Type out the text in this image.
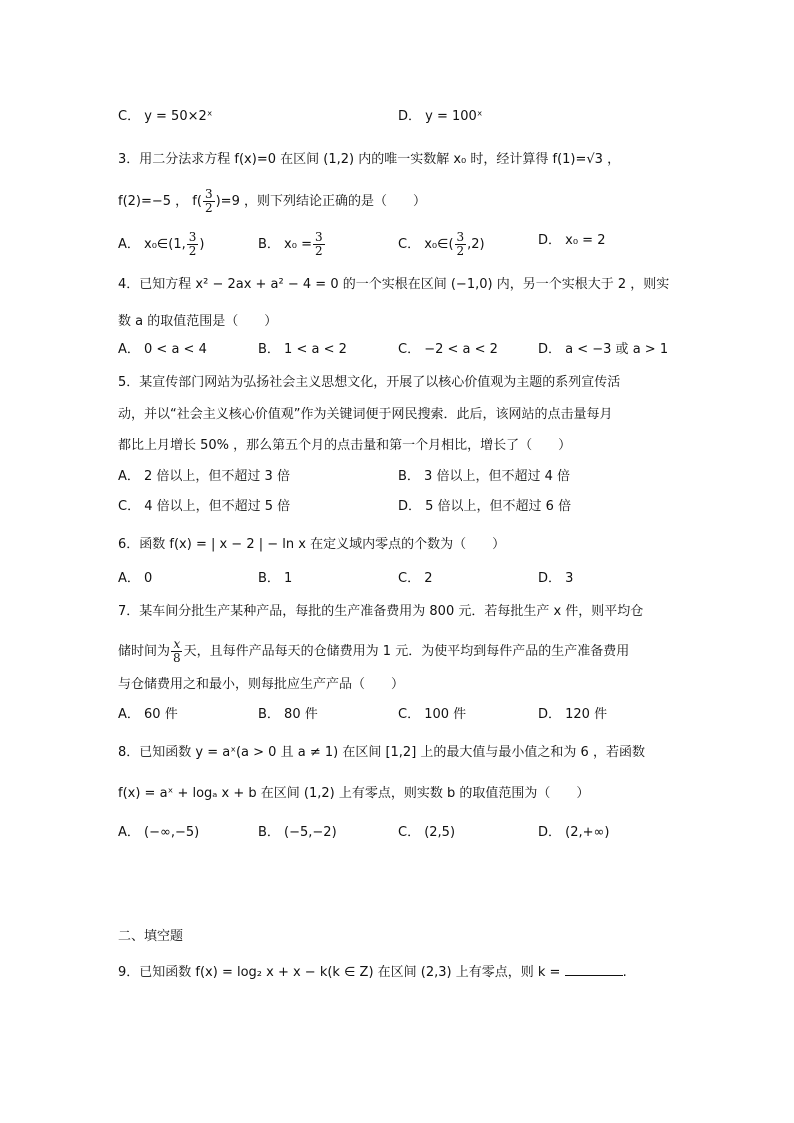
C． y = 50×2ˣ	D． y = 100ˣ
3．用二分法求方程 f(x)=0 在区间 (1,2) 内的唯一实数解 x₀ 时，经计算得 f(1)=√3 ，
f(2)=−5 ， $f( \frac{3}{2} )=9$ ，则下列结论正确的是（　　）
A． x₀∈(1, $\frac{3}{2}$ )	B． $x_0 = \frac{3}{2}$	C． x₀∈( $\frac{3}{2} ,2$)	D． x₀ = 2
4．已知方程 x² − 2ax + a² − 4 = 0 的一个实根在区间 (−1,0) 内，另一个实根大于 2 ，则实
数 a 的取值范围是（　　）
A． 0 < a < 4	B． 1 < a < 2	C． −2 < a < 2	D． a < −3 或 a > 1
5．某宣传部门网站为弘扬社会主义思想文化，开展了以核心价值观为主题的系列宣传活
动，并以“社会主义核心价值观”作为关键词便于网民搜索．此后，该网站的点击量每月
都比上月增长 50% ，那么第五个月的点击量和第一个月相比，增长了（　　）
A． 2 倍以上，但不超过 3 倍	B． 3 倍以上，但不超过 4 倍
C． 4 倍以上，但不超过 5 倍	D． 5 倍以上，但不超过 6 倍
6．函数 f(x) = | x − 2 | − ln x 在定义域内零点的个数为（　　）
A． 0	B． 1	C． 2	D． 3
7．某车间分批生产某种产品，每批的生产准备费用为 800 元．若每批生产 x 件，则平均仓
储时间为 $\frac{x}{8}$ 天，且每件产品每天的仓储费用为 1 元．为使平均到每件产品的生产准备费用
与仓储费用之和最小，则每批应生产产品（　　）
A． 60 件	B． 80 件	C． 100 件	D． 120 件
8．已知函数 y = aˣ(a > 0 且 a ≠ 1) 在区间 [1,2] 上的最大值与最小值之和为 6 ，若函数
f(x) = aˣ + logₐ x + b 在区间 (1,2) 上有零点，则实数 b 的取值范围为（　　）
A． (−∞,−5)	B． (−5,−2)	C． (2,5)	D． (2,+∞)
二、填空题
9．已知函数 f(x) = log₂ x + x − k(k ∈ Z) 在区间 (2,3) 上有零点，则 k =	.
